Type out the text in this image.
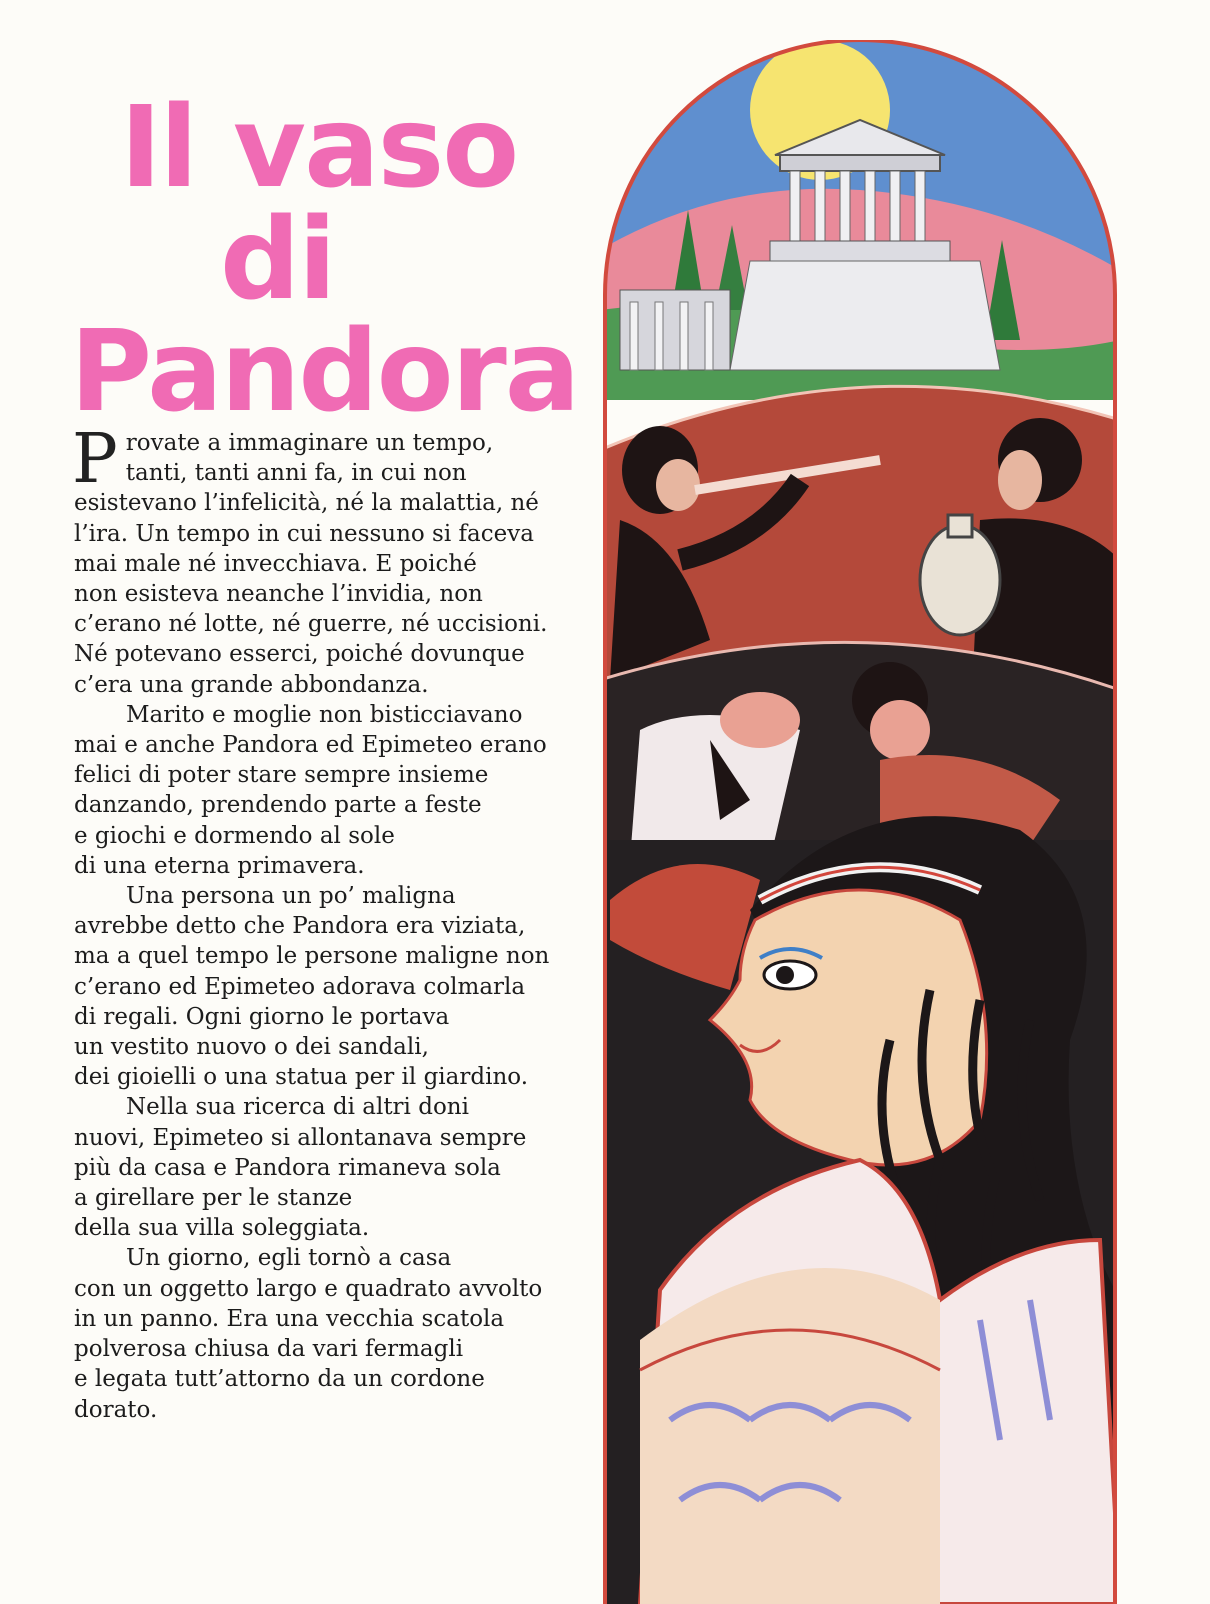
Il vaso
di
Pandora
P rovate a immaginare un tempo,

tanti, tanti anni fa, in cui non

esistevano l’infelicità, né la malattia, né

l’ira. Un tempo in cui nessuno si faceva

mai male né invecchiava. E poiché

non esisteva neanche l’invidia, non

c’erano né lotte, né guerre, né uccisioni.

Né potevano esserci, poiché dovunque

c’era una grande abbondanza.

Marito e moglie non bisticciavano

mai e anche Pandora ed Epimeteo erano

felici di poter stare sempre insieme

danzando, prendendo parte a feste

e giochi e dormendo al sole

di una eterna primavera.

Una persona un po’ maligna

avrebbe detto che Pandora era viziata,

ma a quel tempo le persone maligne non

c’erano ed Epimeteo adorava colmarla

di regali. Ogni giorno le portava

un vestito nuovo o dei sandali,

dei gioielli o una statua per il giardino.

Nella sua ricerca di altri doni

nuovi, Epimeteo si allontanava sempre

più da casa e Pandora rimaneva sola

a girellare per le stanze

della sua villa soleggiata.

Un giorno, egli tornò a casa

con un oggetto largo e quadrato avvolto

in un panno. Era una vecchia scatola

polverosa chiusa da vari fermagli

e legata tutt’attorno da un cordone

dorato.
